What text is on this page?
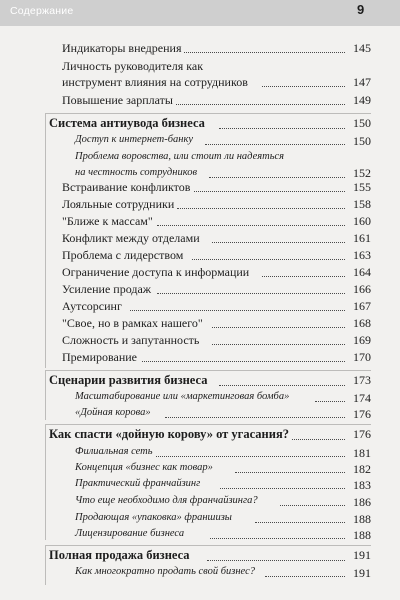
Содержание	9
Индикаторы внедрения	145
Личность руководителя как
инструмент влияния на сотрудников	147
Повышение зарплаты	149
Система антиувода бизнеса	150
Доступ к интернет-банку	150
Проблема воровства, или стоит ли надеяться
на честность сотрудников	152
Встраивание конфликтов	155
Лояльные сотрудники	158
"Ближе к массам"	160
Конфликт между отделами	161
Проблема с лидерством	163
Ограничение доступа к информации	164
Усиление продаж	166
Аутсорсинг	167
"Свое, но в рамках нашего"	168
Сложность и запутанность	169
Премирование	170
Сценарии развития бизнеса	173
Масштабирование или «маркетинговая бомба»	174
«Дойная корова»	176
Как спасти «дойную корову» от угасания?	176
Филиальная сеть	181
Концепция «бизнес как товар»	182
Практический франчайзинг	183
Что еще необходимо для франчайзинга?	186
Продающая «упаковка» франшизы	188
Лицензирование бизнеса	188
Полная продажа бизнеса	191
Как многократно продать свой бизнес?	191
